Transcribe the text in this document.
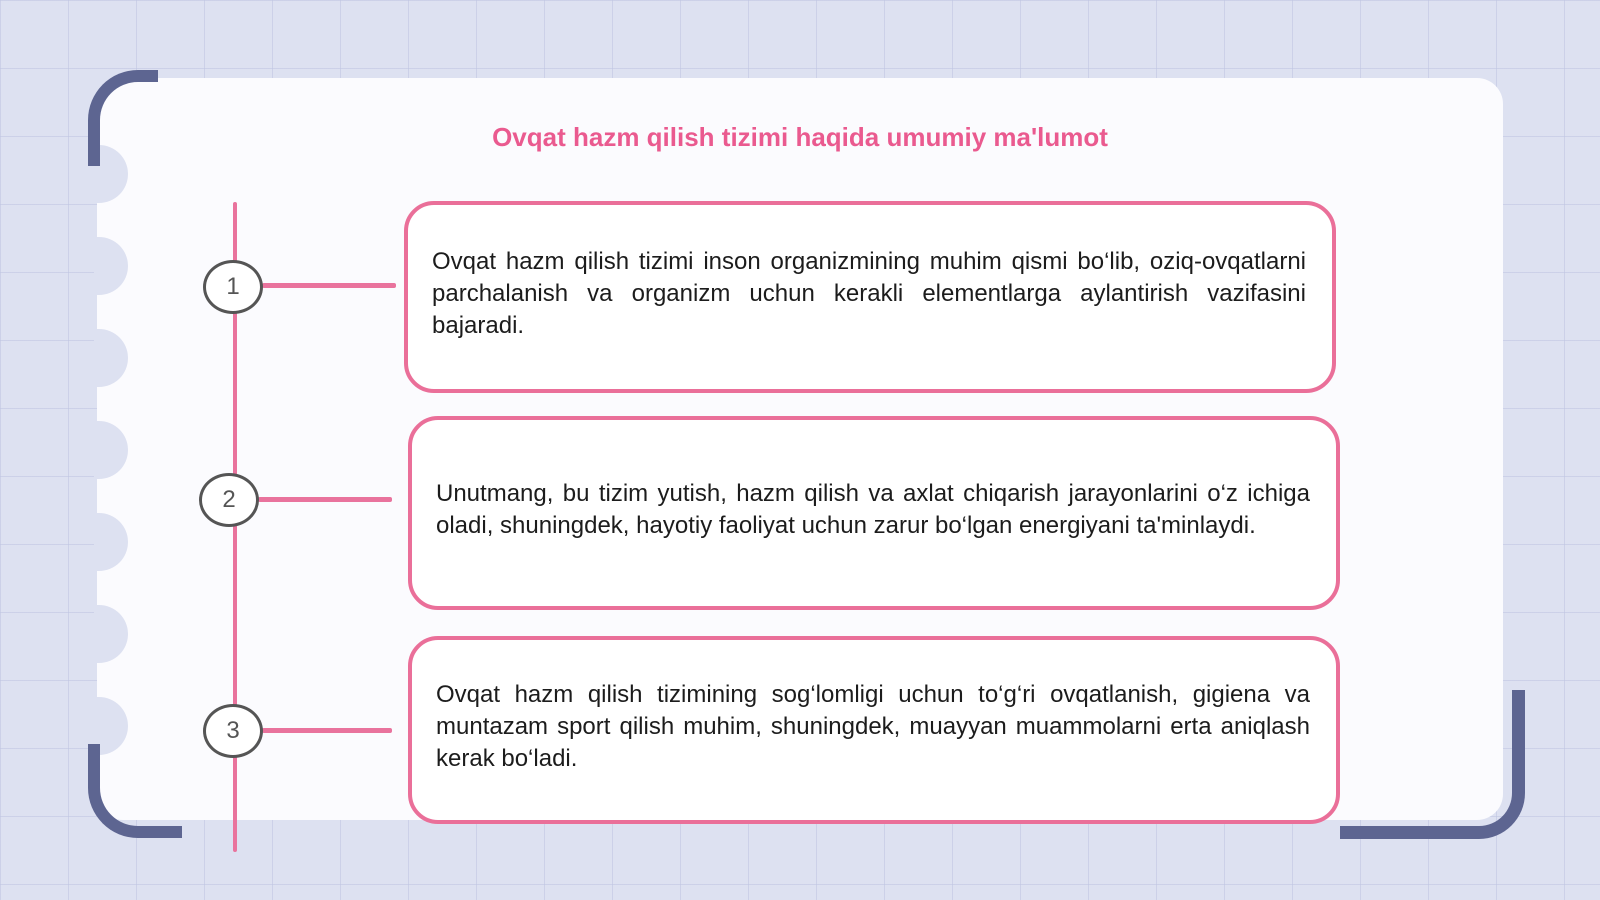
Ovqat hazm qilish tizimi haqida umumiy ma'lumot
1
2
3

Ovqat hazm qilish tizimi inson organizmining muhim qismi bo‘lib, oziq-ovqatlarni parchalanish va organizm uchun kerakli elementlarga aylantirish vazifasini bajaradi.

Unutmang, bu tizim yutish, hazm qilish va axlat chiqarish jarayonlarini o‘z ichiga oladi, shuningdek, hayotiy faoliyat uchun zarur bo‘lgan energiyani ta'minlaydi.

Ovqat hazm qilish tizimining sog‘lomligi uchun to‘g‘ri ovqatlanish, gigiena va muntazam sport qilish muhim, shuningdek, muayyan muammolarni erta aniqlash kerak bo‘ladi.
